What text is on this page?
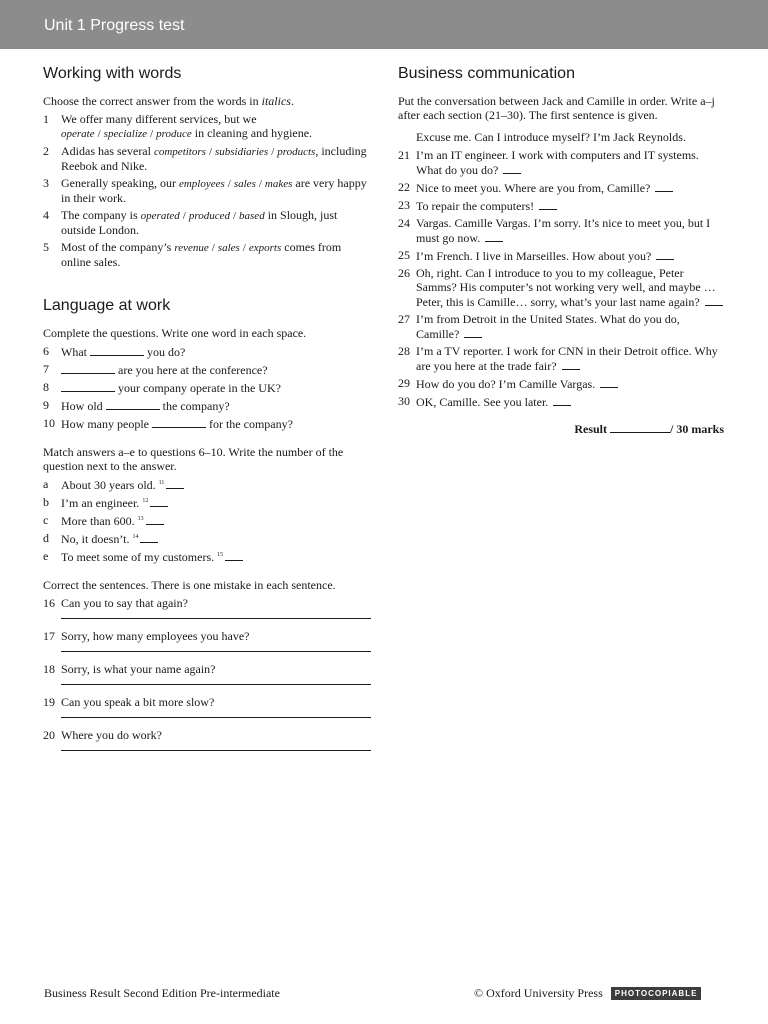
Unit 1 Progress test
Working with words
Choose the correct answer from the words in italics.
1	We offer many different services, but we operate / specialize / produce in cleaning and hygiene.
2	Adidas has several competitors / subsidiaries / products, including Reebok and Nike.
3	Generally speaking, our employees / sales / makes are very happy in their work.
4	The company is operated / produced / based in Slough, just outside London.
5	Most of the company’s revenue / sales / exports comes from online sales.
Language at work
Complete the questions. Write one word in each space.
6	What	you do?
7	are you here at the conference?
8	your company operate in the UK?
9	How old	the company?
10 How many people	for the company?
Match answers a–e to questions 6–10. Write the number of the question next to the answer.
a	About 30 years old. $^{11}$
b	I’m an engineer. $^{12}$
c	More than 600. $^{13}$
d	No, it doesn’t. $^{14}$
e	To meet some of my customers. $^{15}$
Correct the sentences. There is one mistake in each sentence.
16 Can you to say that again?
17 Sorry, how many employees you have?
18 Sorry, is what your name again?
19 Can you speak a bit more slow?
20 Where you do work?
Business communication
Put the conversation between Jack and Camille in order. Write a–j after each section (21–30). The first sentence is given.
Excuse me. Can I introduce myself? I’m Jack Reynolds.
21 I’m an IT engineer. I work with computers and IT systems. What do you do?
22 Nice to meet you. Where are you from, Camille?
23 To repair the computers!
24 Vargas. Camille Vargas. I’m sorry. It’s nice to meet you, but I must go now.
25 I’m French. I live in Marseilles. How about you?
26 Oh, right. Can I introduce to you to my colleague, Peter Samms? His computer’s not working very well, and maybe … Peter, this is Camille… sorry, what’s your last name again?
27 I’m from Detroit in the United States. What do you do, Camille?
28 I’m a TV reporter. I work for CNN in their Detroit office. Why are you here at the trade fair?
29 How do you do? I’m Camille Vargas.
30 OK, Camille. See you later.
Result	/ 30 marks
Business Result Second Edition Pre-intermediate	© Oxford University Press	PHOTOCOPIABLE
